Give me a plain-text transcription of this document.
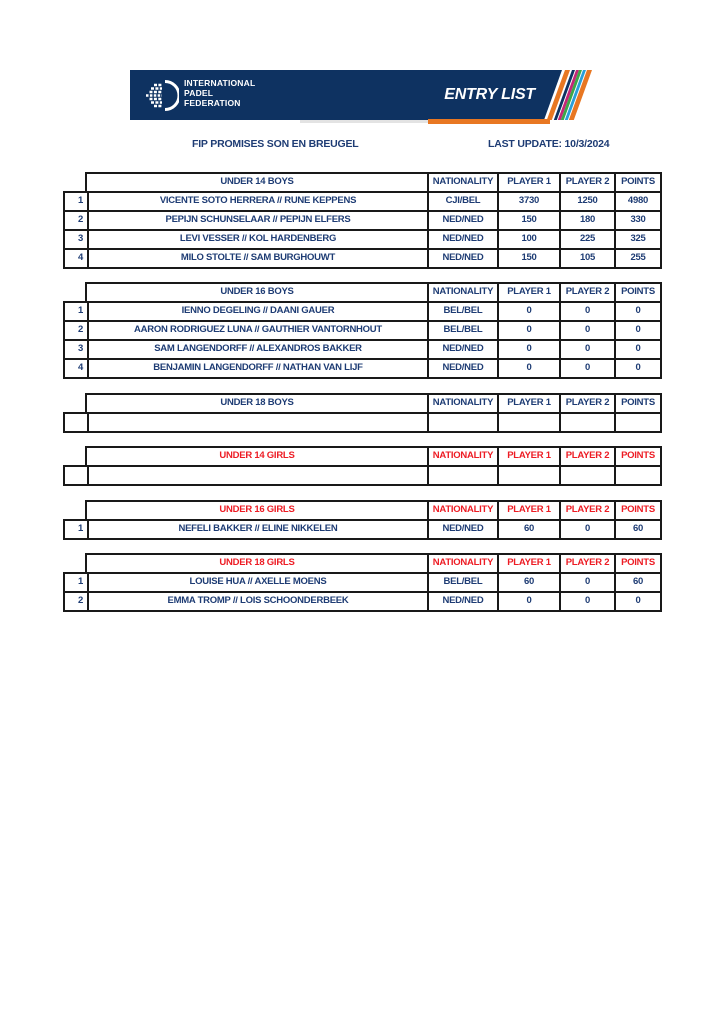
INTERNATIONAL
PADEL
FEDERATION	ENTRY LIST
FIP PROMISES SON EN BREUGEL	LAST UPDATE: 10/3/2024
UNDER 14 BOYS	NATIONALITY	PLAYER 1	PLAYER 2	POINTS
1	VICENTE SOTO HERRERA // RUNE KEPPENS	CJI/BEL	3730	1250	4980
2	PEPIJN SCHUNSELAAR // PEPIJN ELFERS	NED/NED	150	180	330
3	LEVI VESSER // KOL HARDENBERG	NED/NED	100	225	325
4	MILO STOLTE // SAM BURGHOUWT	NED/NED	150	105	255
UNDER 16 BOYS	NATIONALITY	PLAYER 1	PLAYER 2	POINTS
1	IENNO DEGELING // DAANI GAUER	BEL/BEL	0	0	0
2	AARON RODRIGUEZ LUNA // GAUTHIER VANTORNHOUT	BEL/BEL	0	0	0
3	SAM LANGENDORFF // ALEXANDROS BAKKER	NED/NED	0	0	0
4	BENJAMIN LANGENDORFF // NATHAN VAN LIJF	NED/NED	0	0	0
UNDER 18 BOYS	NATIONALITY	PLAYER 1	PLAYER 2	POINTS
UNDER 14 GIRLS	NATIONALITY	PLAYER 1	PLAYER 2	POINTS
UNDER 16 GIRLS	NATIONALITY	PLAYER 1	PLAYER 2	POINTS
1	NEFELI BAKKER // ELINE NIKKELEN	NED/NED	60	0	60
UNDER 18 GIRLS	NATIONALITY	PLAYER 1	PLAYER 2	POINTS
1	LOUISE HUA // AXELLE MOENS	BEL/BEL	60	0	60
2	EMMA TROMP // LOIS SCHOONDERBEEK	NED/NED	0	0	0
